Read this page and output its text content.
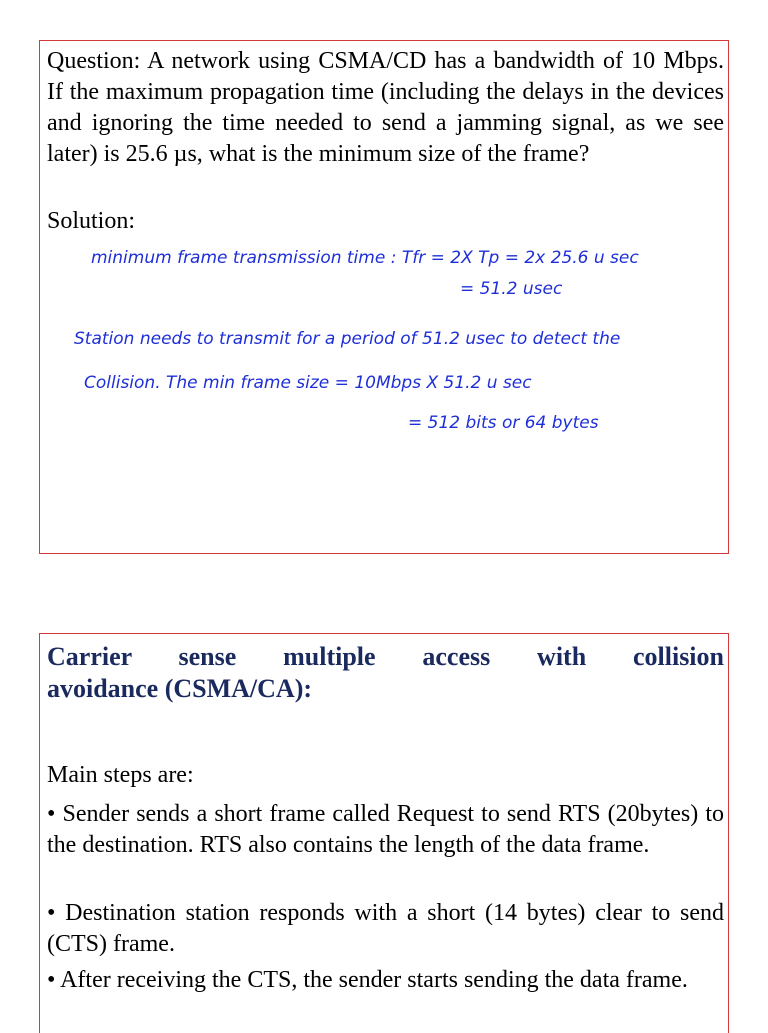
Question: A network using CSMA/CD has a bandwidth of 10 Mbps. If the maximum propagation time (including the delays in the devices and ignoring the time needed to send a jamming signal, as we see later) is 25.6 µs, what is the minimum size of the frame?

Solution:

minimum frame transmission time : Tfr = 2X Tp = 2x 25.6 u sec
= 51.2 usec
Station needs to transmit for a period of 51.2 usec to detect the
Collision. The min frame size = 10Mbps X 51.2 u sec
= 512 bits or 64 bytes

Carrier sense multiple access with collision
avoidance (CSMA/CA):

Main steps are:

• Sender sends a short frame called Request to send RTS (20bytes) to the destination. RTS also contains the length of the data frame.

• Destination station responds with a short (14 bytes) clear to send (CTS) frame.

• After receiving the CTS, the sender starts sending the data frame.
